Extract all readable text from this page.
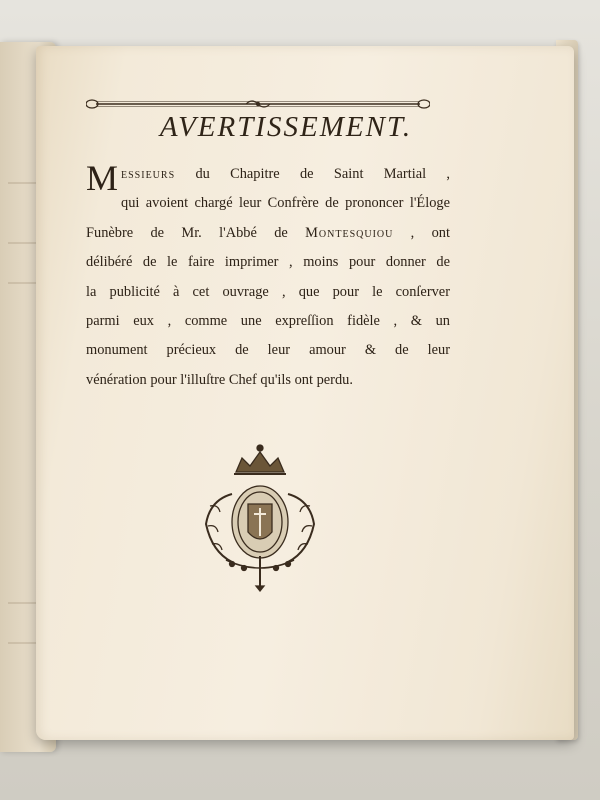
AVERTISSEMENT.
Messieurs du Chapitre de Saint Martial ,
qui avoient chargé leur Confrère de prononcer l'Éloge
Funèbre de Mr. l'Abbé de Montesquiou , ont
délibéré de le faire imprimer , moins pour donner de
la publicité à cet ouvrage , que pour le conſerver
parmi eux , comme une expreſſion fidèle , & un
monument précieux de leur amour & de leur
vénération pour l'illuſtre Chef qu'ils ont perdu.
